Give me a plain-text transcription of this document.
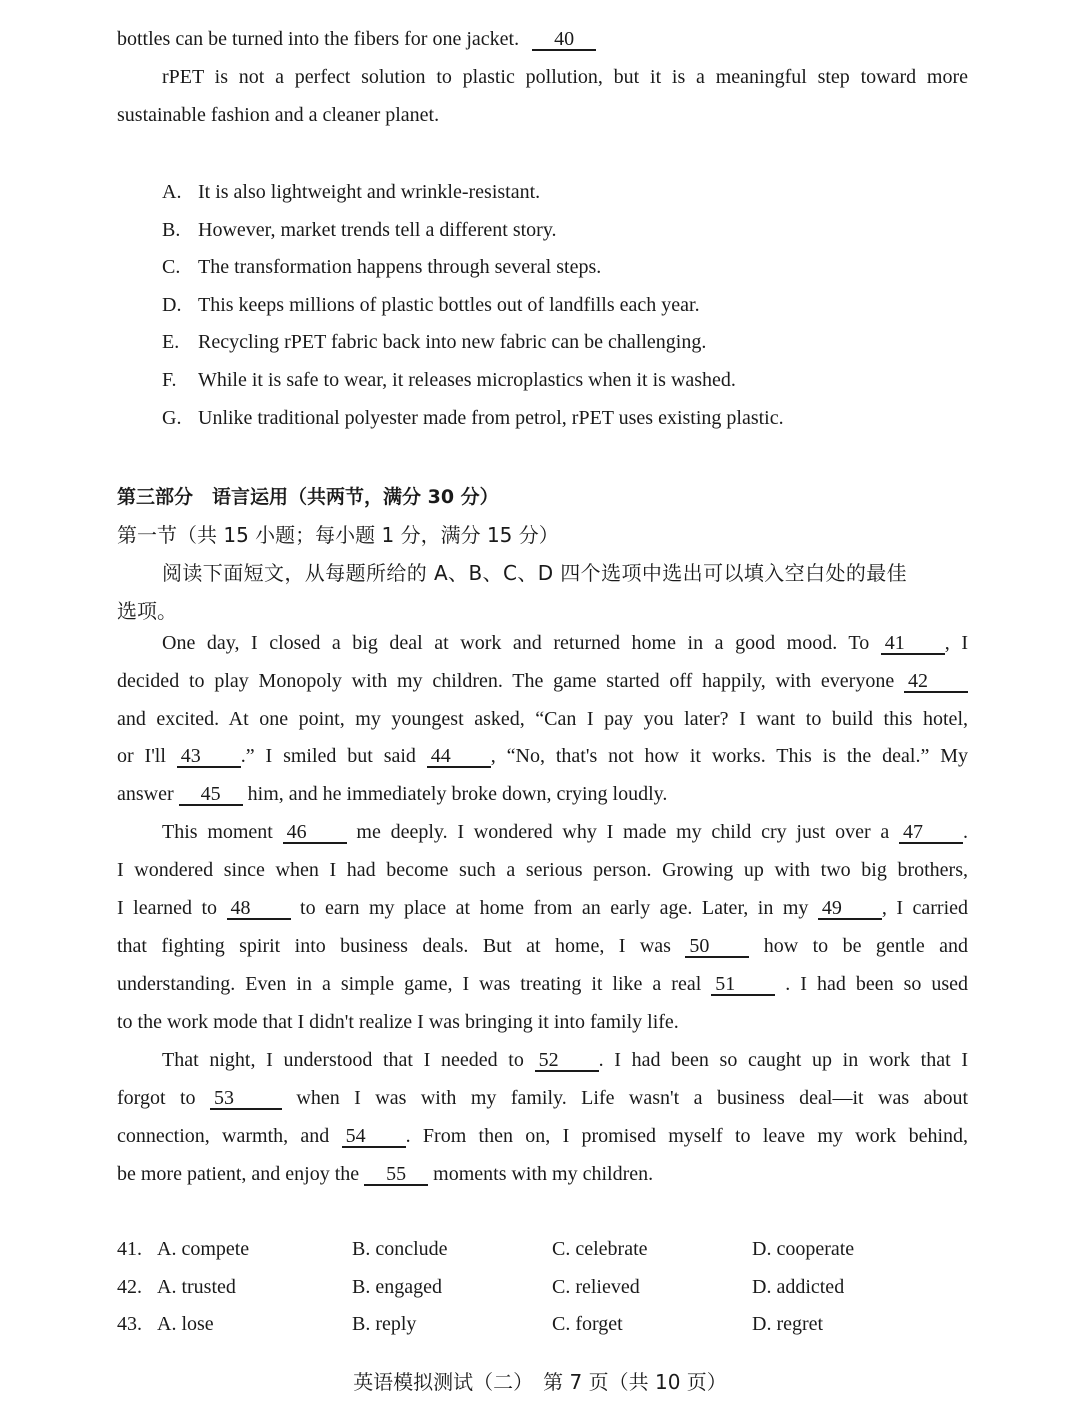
bottles can be turned into the fibers for one jacket. 40
rPET is not a perfect solution to plastic pollution, but it is a meaningful step toward more
sustainable fashion and a cleaner planet.
A. It is also lightweight and wrinkle-resistant.
B. However, market trends tell a different story.
C. The transformation happens through several steps.
D. This keeps millions of plastic bottles out of landfills each year.
E. Recycling rPET fabric back into new fabric can be challenging.
F. While it is safe to wear, it releases microplastics when it is washed.
G. Unlike traditional polyester made from petrol, rPET uses existing plastic.
第三部分　语言运用（共两节，满分 30 分）
第一节（共 15 小题；每小题 1 分，满分 15 分）
阅读下面短文，从每题所给的 A、B、C、D 四个选项中选出可以填入空白处的最佳
选项。
One day, I closed a big deal at work and returned home in a good mood. To 41 , I
decided to play Monopoly with my children. The game started off happily, with everyone 42
and excited. At one point, my youngest asked, “Can I pay you later? I want to build this hotel,
or I'll 43 .” I smiled but said 44 , “No, that's not how it works. This is the deal.” My
answer 45 him, and he immediately broke down, crying loudly.
This moment 46 me deeply. I wondered why I made my child cry just over a 47 .
I wondered since when I had become such a serious person. Growing up with two big brothers,
I learned to 48 to earn my place at home from an early age. Later, in my 49 , I carried
that fighting spirit into business deals. But at home, I was 50	how to be gentle and
understanding. Even in a simple game, I was treating it like a real 51	. I had been so used
to the work mode that I didn't realize I was bringing it into family life.
That night, I understood that I needed to 52 . I had been so caught up in work that I
forgot to 53	when I was with my family. Life wasn't a business deal—it was about
connection, warmth, and 54 . From then on, I promised myself to leave my work behind,
be more patient, and enjoy the 55 moments with my children.
41. A. compete	B. conclude	C. celebrate	D. cooperate
42. A. trusted	B. engaged	C. relieved	D. addicted
43. A. lose	B. reply	C. forget	D. regret
英语模拟测试（二）　第 7 页（共 10 页）
